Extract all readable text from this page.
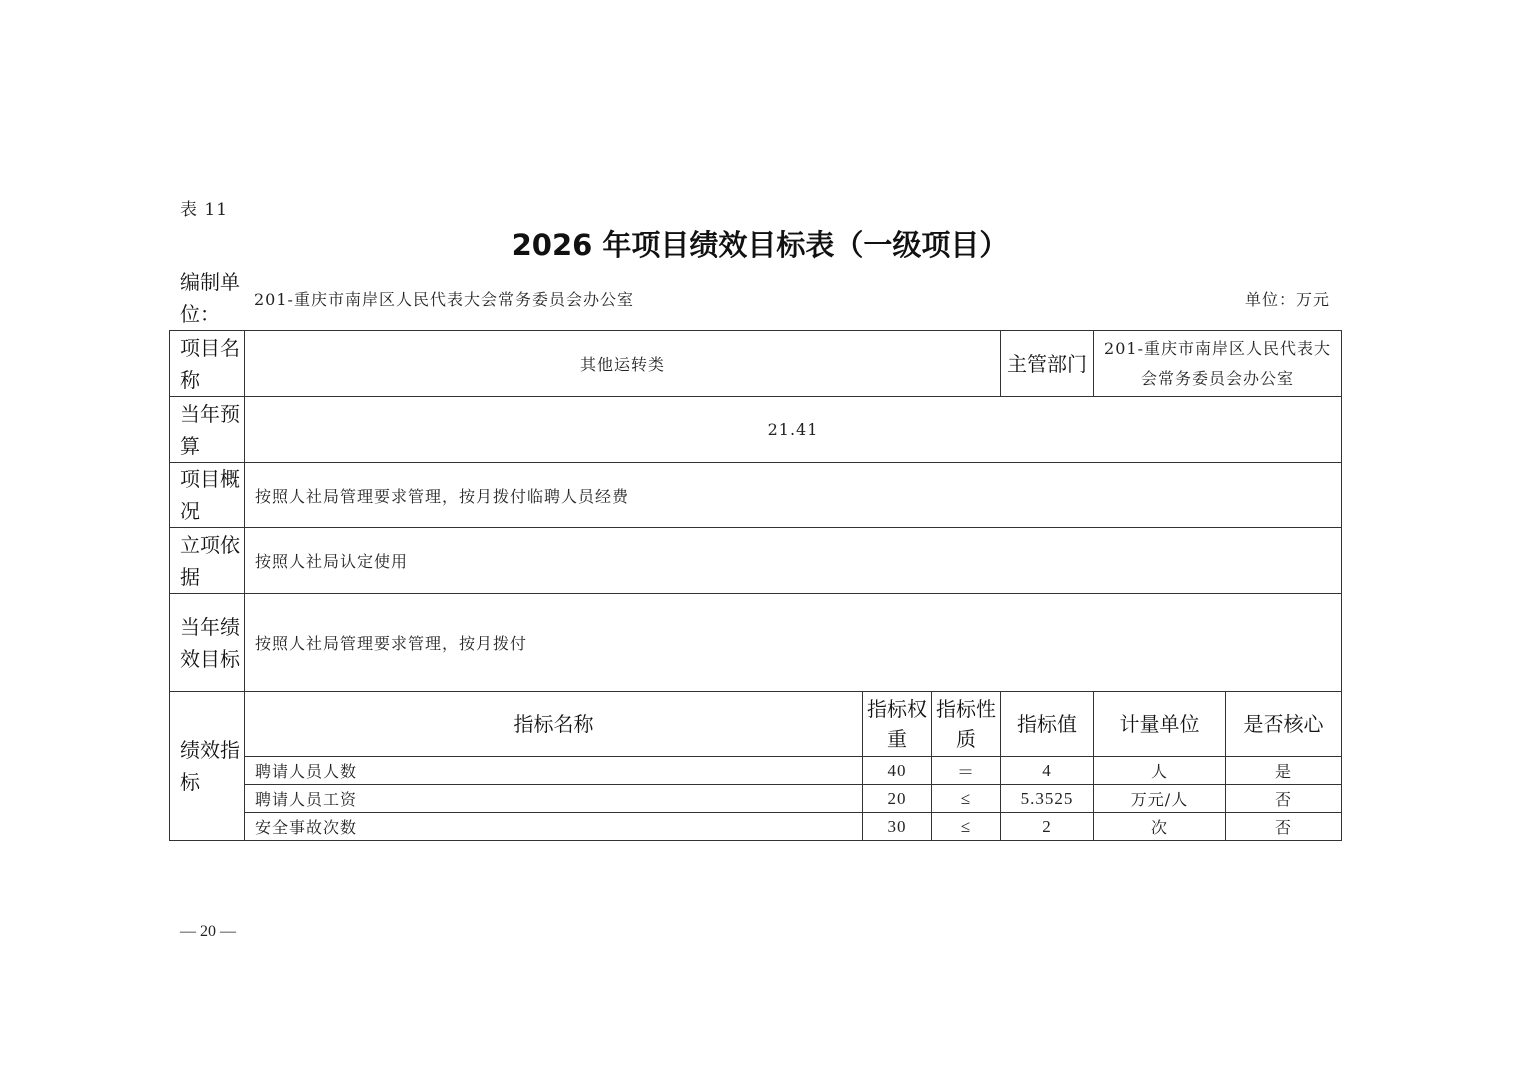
表 11
2026 年项目绩效目标表（一级项目）
编制单位：
201-重庆市南岸区人民代表大会常务委员会办公室	单位：万元
项目名称	其他运转类			主管部门	201-重庆市南岸区人民代表大会常务委员会办公室	
当年预算	21.41					
项目概况	按照人社局管理要求管理，按月拨付临聘人员经费					
立项依据	按照人社局认定使用					
当年绩效目标	按照人社局管理要求管理，按月拨付					
绩效指标	指标名称	指标权重	指标性质	指标值	计量单位	是否核心
	聘请人员人数	40	＝	4	人	是
	聘请人员工资	20	≤	5.3525	万元/人	否
	安全事故次数	30	≤	2	次	否
— 20 —
